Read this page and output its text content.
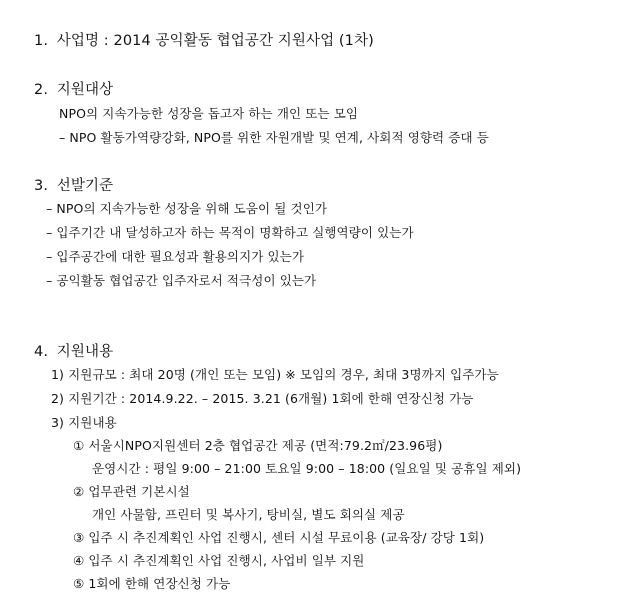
1. 사업명 : 2014 공익활동 협업공간 지원사업 (1차)
2. 지원대상
NPO의 지속가능한 성장을 돕고자 하는 개인 또는 모임
– NPO 활동가역량강화, NPO를 위한 자원개발 및 연계, 사회적 영향력 증대 등
3. 선발기준
– NPO의 지속가능한 성장을 위해 도움이 될 것인가
– 입주기간 내 달성하고자 하는 목적이 명확하고 실행역량이 있는가
– 입주공간에 대한 필요성과 활용의지가 있는가
– 공익활동 협업공간 입주자로서 적극성이 있는가
4. 지원내용
1) 지원규모 : 최대 20명 (개인 또는 모임) ※ 모임의 경우, 최대 3명까지 입주가능
2) 지원기간 : 2014.9.22. – 2015. 3.21 (6개월) 1회에 한해 연장신청 가능
3) 지원내용
① 서울시NPO지원센터 2층 협업공간 제공 (면적:79.2㎡/23.96평)
운영시간 : 평일 9:00 – 21:00 토요일 9:00 – 18:00 (일요일 및 공휴일 제외)
② 업무관련 기본시설
개인 사물함, 프린터 및 복사기, 탕비실, 별도 회의실 제공
③ 입주 시 추진계획인 사업 진행시, 센터 시설 무료이용 (교육장/ 강당 1회)
④ 입주 시 추진계획인 사업 진행시, 사업비 일부 지원
⑤ 1회에 한해 연장신청 가능
